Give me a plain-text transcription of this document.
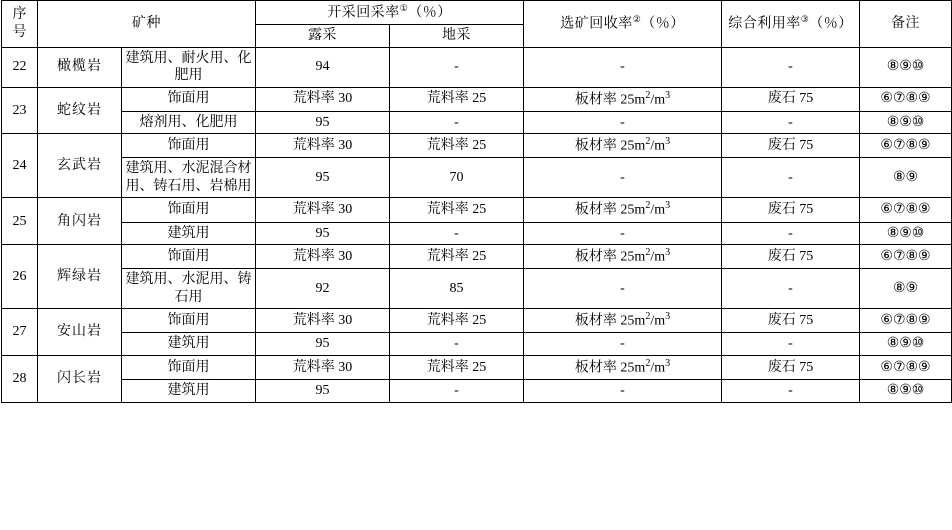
序
号	矿种		开采回采率①（％）		选矿回收率②（％）	综合利用率③（％）	备注
			露采	地采			
22	橄榄岩	建筑用、耐火用、化肥用	94	-	-	-	⑧⑨⑩
23	蛇纹岩	饰面用	荒料率 30	荒料率 25	板材率 $25m^2/m^3$	废石 75	⑥⑦⑧⑨
		熔剂用、化肥用	95	-	-	-	⑧⑨⑩
24	玄武岩	饰面用	荒料率 30	荒料率 25	板材率 $25m^2/m^3$	废石 75	⑥⑦⑧⑨
		建筑用、水泥混合材用、铸石用、岩棉用	95	70	-	-	⑧⑨
25	角闪岩	饰面用	荒料率 30	荒料率 25	板材率 $25m^2/m^3$	废石 75	⑥⑦⑧⑨
		建筑用	95	-	-	-	⑧⑨⑩
26	辉绿岩	饰面用	荒料率 30	荒料率 25	板材率 $25m^2/m^3$	废石 75	⑥⑦⑧⑨
		建筑用、水泥用、铸石用	92	85	-	-	⑧⑨
27	安山岩	饰面用	荒料率 30	荒料率 25	板材率 $25m^2/m^3$	废石 75	⑥⑦⑧⑨
		建筑用	95	-	-	-	⑧⑨⑩
28	闪长岩	饰面用	荒料率 30	荒料率 25	板材率 $25m^2/m^3$	废石 75	⑥⑦⑧⑨
		建筑用	95	-	-	-	⑧⑨⑩
